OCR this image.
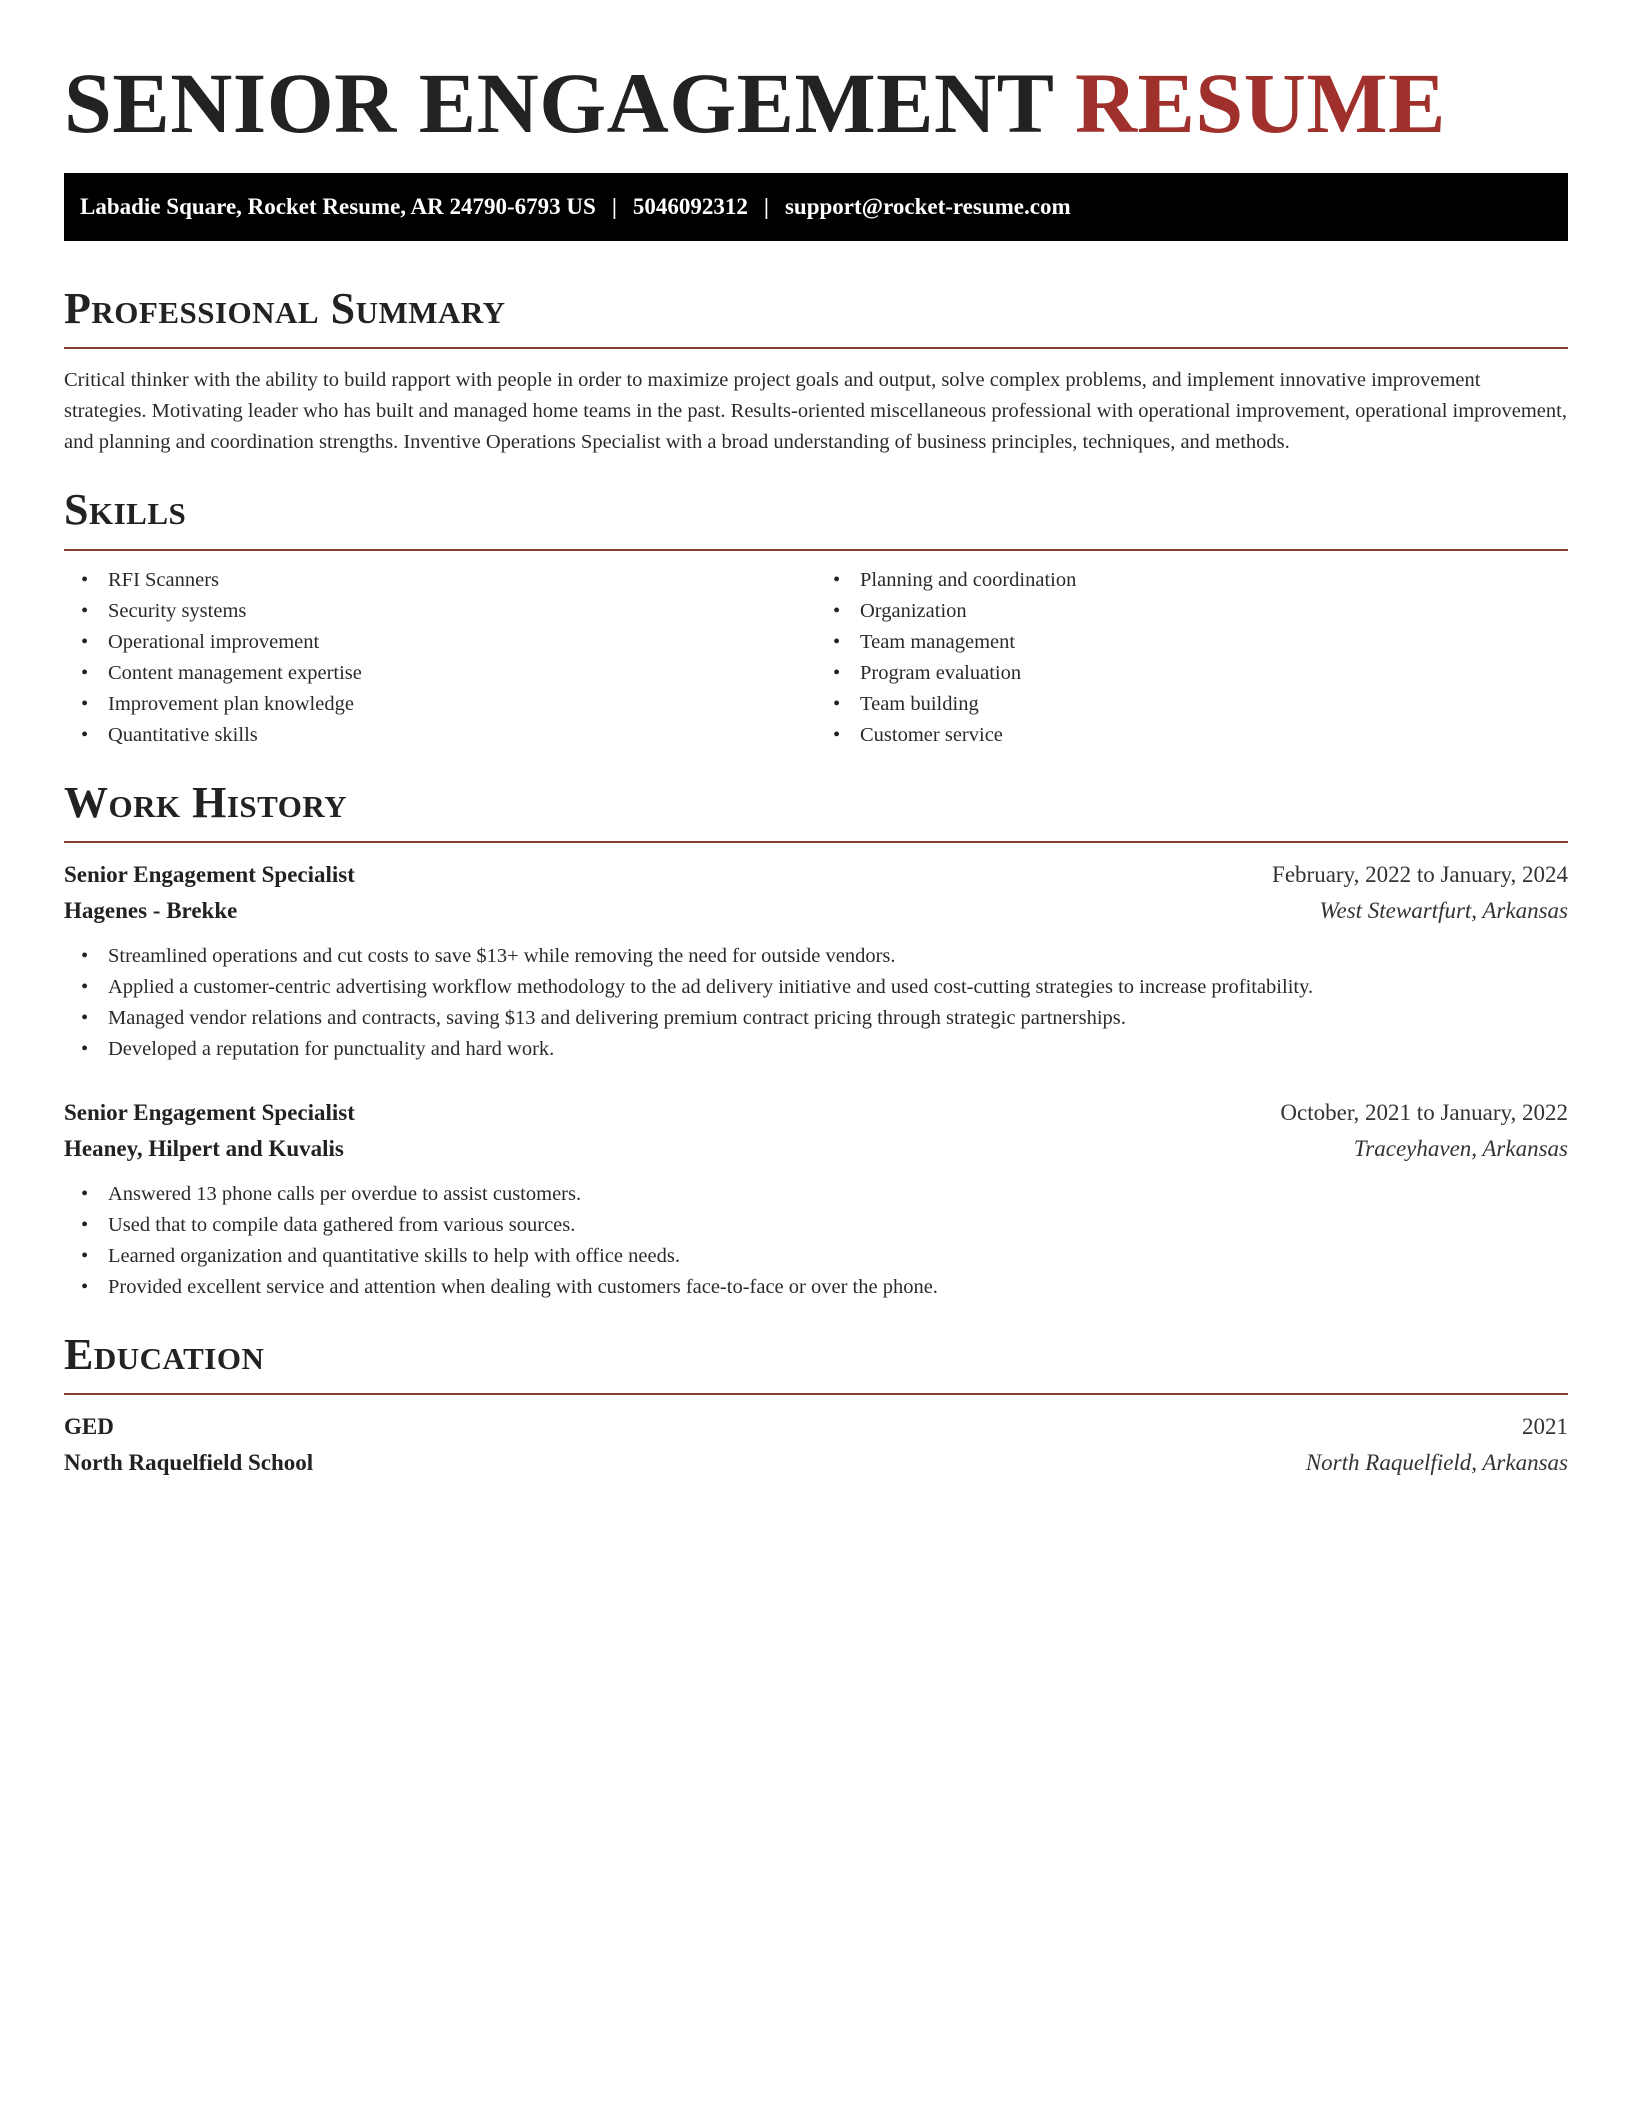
SENIOR ENGAGEMENT RESUME
Labadie Square, Rocket Resume, AR 24790-6793 US | 5046092312 | support@rocket-resume.com
Professional Summary

Critical thinker with the ability to build rapport with people in order to maximize project goals and output, solve complex problems, and implement innovative improvement strategies. Motivating leader who has built and managed home teams in the past. Results-oriented miscellaneous professional with operational improvement, operational improvement, and planning and coordination strengths. Inventive Operations Specialist with a broad understanding of business principles, techniques, and methods.

Skills
• RFI Scanners
• Security systems
• Operational improvement
• Content management expertise
• Improvement plan knowledge
• Quantitative skills
• Planning and coordination
• Organization
• Team management
• Program evaluation
• Team building
• Customer service
Work History
Senior Engagement Specialist	February, 2022 to January, 2024
Hagenes - Brekke	West Stewartfurt, Arkansas
• Streamlined operations and cut costs to save $13+ while removing the need for outside vendors.
• Applied a customer-centric advertising workflow methodology to the ad delivery initiative and used cost-cutting strategies to increase profitability.
• Managed vendor relations and contracts, saving $13 and delivering premium contract pricing through strategic partnerships.
• Developed a reputation for punctuality and hard work.
Senior Engagement Specialist	October, 2021 to January, 2022
Heaney, Hilpert and Kuvalis	Traceyhaven, Arkansas
• Answered 13 phone calls per overdue to assist customers.
• Used that to compile data gathered from various sources.
• Learned organization and quantitative skills to help with office needs.
• Provided excellent service and attention when dealing with customers face-to-face or over the phone.
Education
GED	2021
North Raquelfield School	North Raquelfield, Arkansas
